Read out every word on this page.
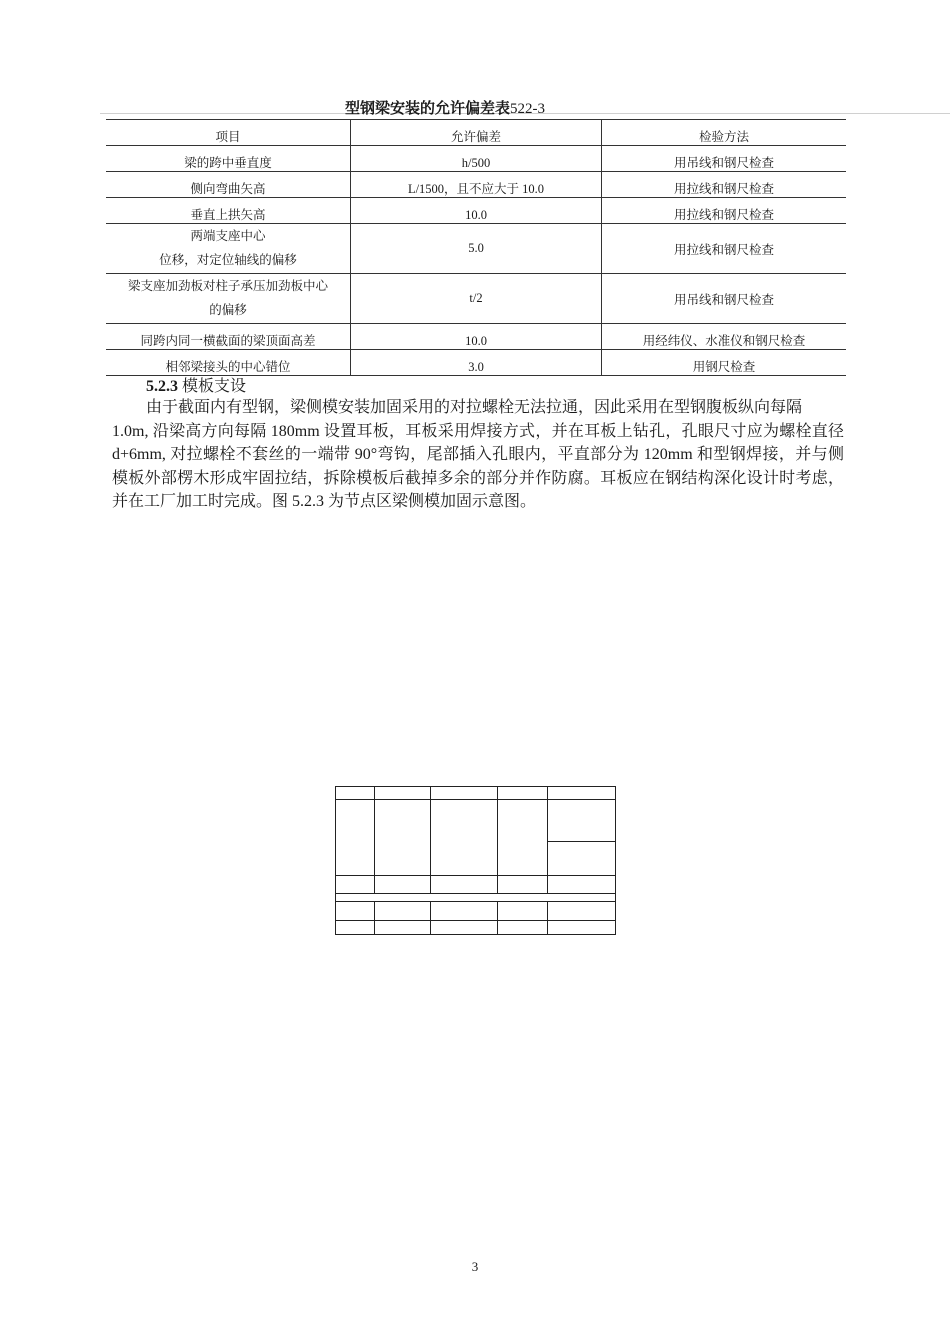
型钢梁安装的允许偏差表522-3
项目	允许偏差	检验方法
梁的跨中垂直度	h/500	用吊线和钢尺检查
侧向弯曲矢高	L/1500，且不应大于 10.0	用拉线和钢尺检查
垂直上拱矢高	10.0	用拉线和钢尺检查

两端支座中心
位移，对定位轴线的偏移	5.0	用拉线和钢尺检查

梁支座加劲板对柱子承压加劲板中心
的偏移	t/2	用吊线和钢尺检查
同跨内同一横截面的梁顶面高差	10.0	用经纬仪、水准仪和钢尺检查
相邻梁接头的中心错位	3.0	用钢尺检查
5.2.3 模板支设
由于截面内有型钢，梁侧模安装加固采用的对拉螺栓无法拉通，因此采用在型钢腹板纵向每隔
1.0m, 沿梁高方向每隔 180mm 设置耳板，耳板采用焊接方式，并在耳板上钻孔，孔眼尺寸应为螺栓直径 d+6mm, 对拉螺栓不套丝的一端带 90°弯钩，尾部插入孔眼内，平直部分为 120mm 和型钢焊接，并与侧模板外部楞木形成牢固拉结，拆除模板后截掉多余的部分并作防腐。耳板应在钢结构深化设计时考虑，并在工厂加工时完成。图 5.2.3 为节点区梁侧模加固示意图。
3
